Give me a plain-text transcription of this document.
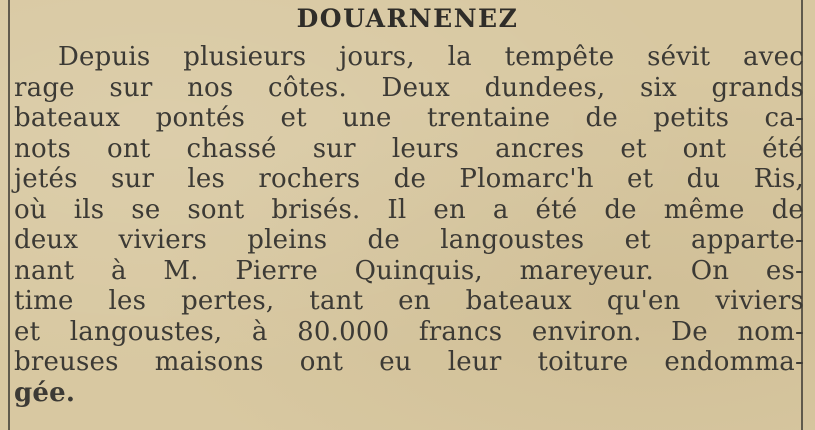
DOUARNENEZ
Depuis plusieurs jours, la tempête sévit avec
rage sur nos côtes. Deux dundees, six grands
bateaux pontés et une trentaine de petits ca-
nots ont chassé sur leurs ancres et ont été
jetés sur les rochers de Plomarc'h et du Ris,
où ils se sont brisés. Il en a été de même de
deux viviers pleins de langoustes et apparte-
nant à M. Pierre Quinquis, mareyeur. On es-
time les pertes, tant en bateaux qu'en viviers
et langoustes, à 80.000 francs environ. De nom-
breuses maisons ont eu leur toiture endomma-
gée.
